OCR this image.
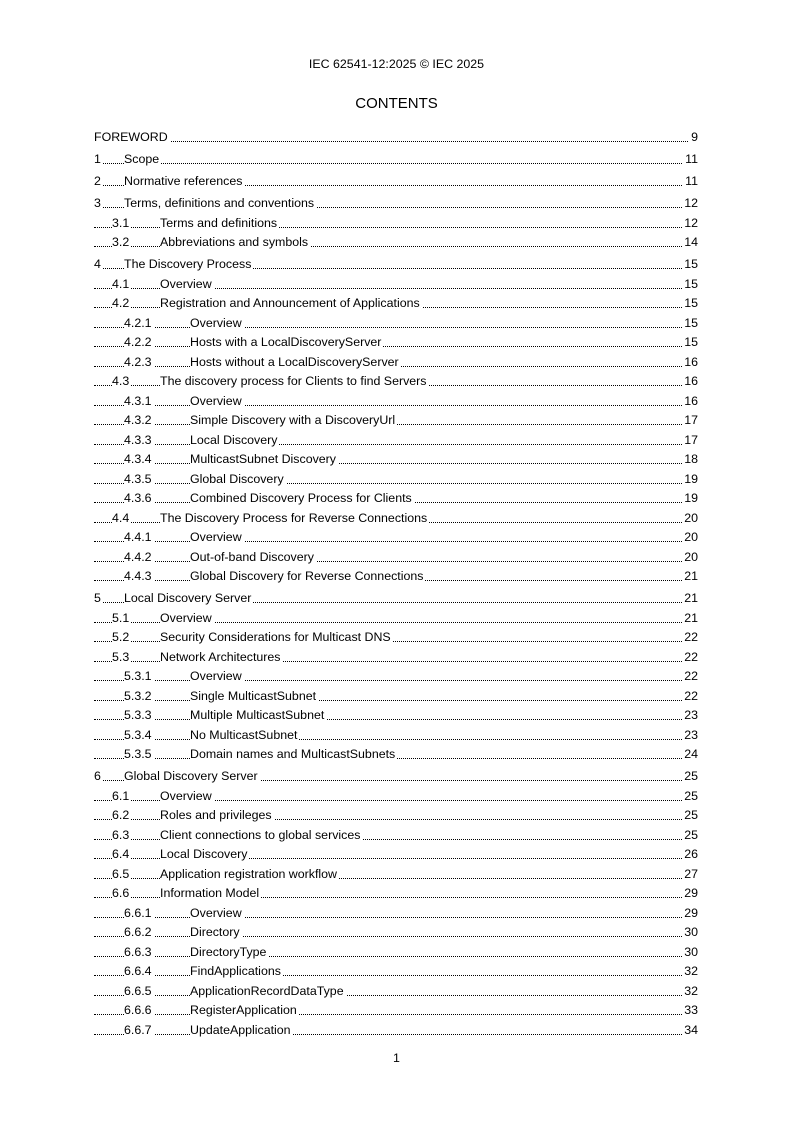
IEC 62541-12:2025 © IEC 2025
CONTENTS
FOREWORD	9
1 Scope	11
2 Normative references	11
3 Terms, definitions and conventions	12
3.1 Terms and definitions	12
3.2 Abbreviations and symbols	14
4 The Discovery Process	15
4.1 Overview	15
4.2 Registration and Announcement of Applications	15
4.2.1	Overview	15
4.2.2	Hosts with a LocalDiscoveryServer	15
4.2.3	Hosts without a LocalDiscoveryServer	16
4.3 The discovery process for Clients to find Servers	16
4.3.1	Overview	16
4.3.2	Simple Discovery with a DiscoveryUrl	17
4.3.3	Local Discovery	17
4.3.4	MulticastSubnet Discovery	18
4.3.5	Global Discovery	19
4.3.6	Combined Discovery Process for Clients	19
4.4 The Discovery Process for Reverse Connections	20
4.4.1	Overview	20
4.4.2	Out-of-band Discovery	20
4.4.3	Global Discovery for Reverse Connections	21
5 Local Discovery Server	21
5.1 Overview	21
5.2 Security Considerations for Multicast DNS	22
5.3 Network Architectures	22
5.3.1	Overview	22
5.3.2	Single MulticastSubnet	22
5.3.3	Multiple MulticastSubnet	23
5.3.4	No MulticastSubnet	23
5.3.5	Domain names and MulticastSubnets	24
6 Global Discovery Server	25
6.1 Overview	25
6.2 Roles and privileges	25
6.3 Client connections to global services	25
6.4 Local Discovery	26
6.5 Application registration workflow	27
6.6 Information Model	29
6.6.1	Overview	29
6.6.2	Directory	30
6.6.3	DirectoryType	30
6.6.4	FindApplications	32
6.6.5	ApplicationRecordDataType	32
6.6.6	RegisterApplication	33
6.6.7	UpdateApplication	34
1
